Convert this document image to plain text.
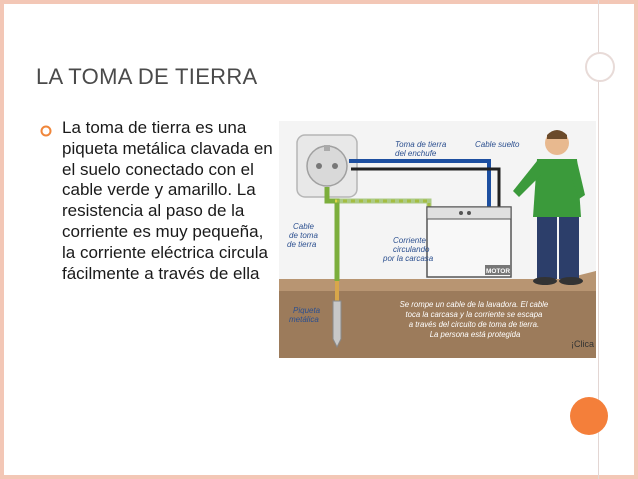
LA TOMA DE TIERRA
La toma de tierra es una piqueta metálica clavada en el suelo conectado con el cable verde y amarillo. La resistencia al paso de la corriente es muy pequeña, la corriente eléctrica circula fácilmente a través de ella	MOTOR
Toma de tierra del enchufe
Cable suelto
Cable de toma de tierra	Corriente circulando por la carcasa
Piqueta metálica
Se rompe un cable de la lavadora. El cable toca la carcasa y la corriente se escapa a través del circuito de toma de tierra. La persona está protegida
¡Clica
